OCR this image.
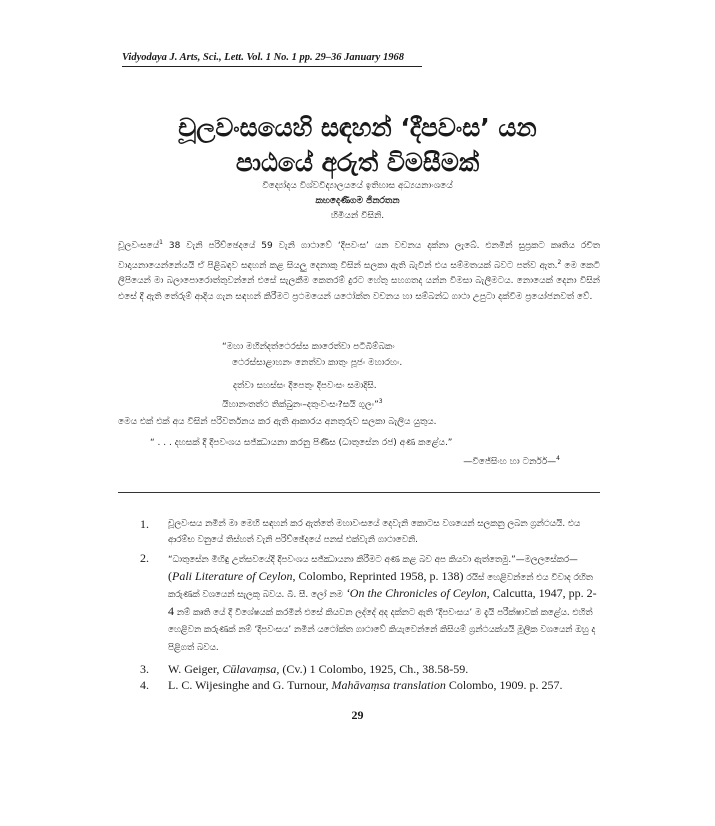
Vidyodaya J. Arts, Sci., Lett. Vol. 1 No. 1 pp. 29–36 January 1968
චූලවංසයෙහි සඳහන් ‘දීපවංස’ යන
පාඨයේ අරුත් විමසීමක්
විද්‍යෝදය විශ්වවිද්‍යාලයයේ ඉතිහාස අධ්‍යයනාංශයේ
කහදෙණිගම ජිනරතන
හිමියන් විසිනි.
චූලවංසයේ$^1$ 38 වැනි පරිච්ඡෙදයේ 59 වැනි ගාථාවේ ‘දීපවංස’ යන වචනය දක්නා ලැබේ. එනමින් සුප්‍රකට කෘතිය රචිත වාදායනායෙන්නේයයි ඒ පිළිබඳව සඳහන් කළ සියලු දෙනාකු විසින් සලකා ඇති බැවින් එය සම්මතයක් බවට පත්ව ඇත.$^2$ මෙ කෙටි ලිපියෙන් මා බලාපොරොත්තුවන්නේ එසේ සැලකීම කෙතරම් දුරට හේතු සහගතද යන්න විමසා බැලීමටය. නොයෙක් දෙනා විසින් එසේ දී ඇති තේරුම් ආදිය ගැන සඳහන් කිරීමට ප්‍රථමයෙන් යථෝක්ත වචනය හා සම්බන්ධ ගාථා උපුටා දක්වීම ප්‍රයෝජනවත් වේ.
“මහා මහින්දත්ථෙරස්ස කාරෙත්වා පටිබිම්බකං
ථෙරස්සාළාහනං නෙත්වා කාතුං පූජං මහාරහං.
දත්වා සහස්සං දීපෙතුං දීපවංසං සමාදිසි.
යිහානංතත්ථ තික්ඛුනං–දතුංවංසං?සයි ගුලං”$^3$
මෙය එක් එක් අය විසින් පරිවර්තනය කර ඇති ආකාරය අනතුරුව සලකා බැලිය යුතුය.
“ . . . දහසක් දී දීපවංශය සජ්ඣායනා කරනු පිණිස (ධාතුසේන රජ) අණ කළේය.”
—විජේසිංහ හා ටර්නර්—$^4$
1.	චූලවංසය නමින් මා මෙහි සඳහන් කර ඇත්තේ මහාවංසයේ දෙවැනි කොටස වශයෙන් සලකනු ලබන ග්‍රන්ථයයි. එය ආරම්භ වනුයේ තිස්හත් වැනි පරිච්ඡේදයේ පනස් එක්වැනි ගාථාවෙනි.
2.	“ධාතුසේන මිහිඳු උත්සවයේදී දීපවංශය සජ්ඣායනා කිරීමට අණ කළ බව අප කියවා ඇත්තෙමු.”—මලලසේකර— (Pali Literature of Ceylon, Colombo, Reprinted 1958, p. 138) රයිස් හෙළිවන්නේ එය විවාද රහිත කරුණක් වශයෙන් සැලකූ බවය. බී. සී. ලෝ නම ‘On the Chronicles of Ceylon, Calcutta, 1947, pp. 2-4 නම් කෘති යේ දී විශේෂයක් කරමින් එසේ කියවන ලද්දේ අද දක්නට ඇති ‘දීපවංසය’ ම දැයි පරීක්ෂාවක් කළේය. එහිත් හෙළිවන කරුණක් නම් ‘දීපවංසය’ නමින් යථෝක්ත ගාථාවේ කියැවෙන්නේ කිසියම් ග්‍රන්ථයක්යයි මූලික වශයෙන් ඔහු ද පිළිගත් බවය.
3.	W. Geiger, Cūlavaṃsa, (Cv.) 1 Colombo, 1925, Ch., 38.58-59.
4.	L. C. Wijesinghe and G. Turnour, Mahāvaṃsa translation Colombo, 1909. p. 257.
29
